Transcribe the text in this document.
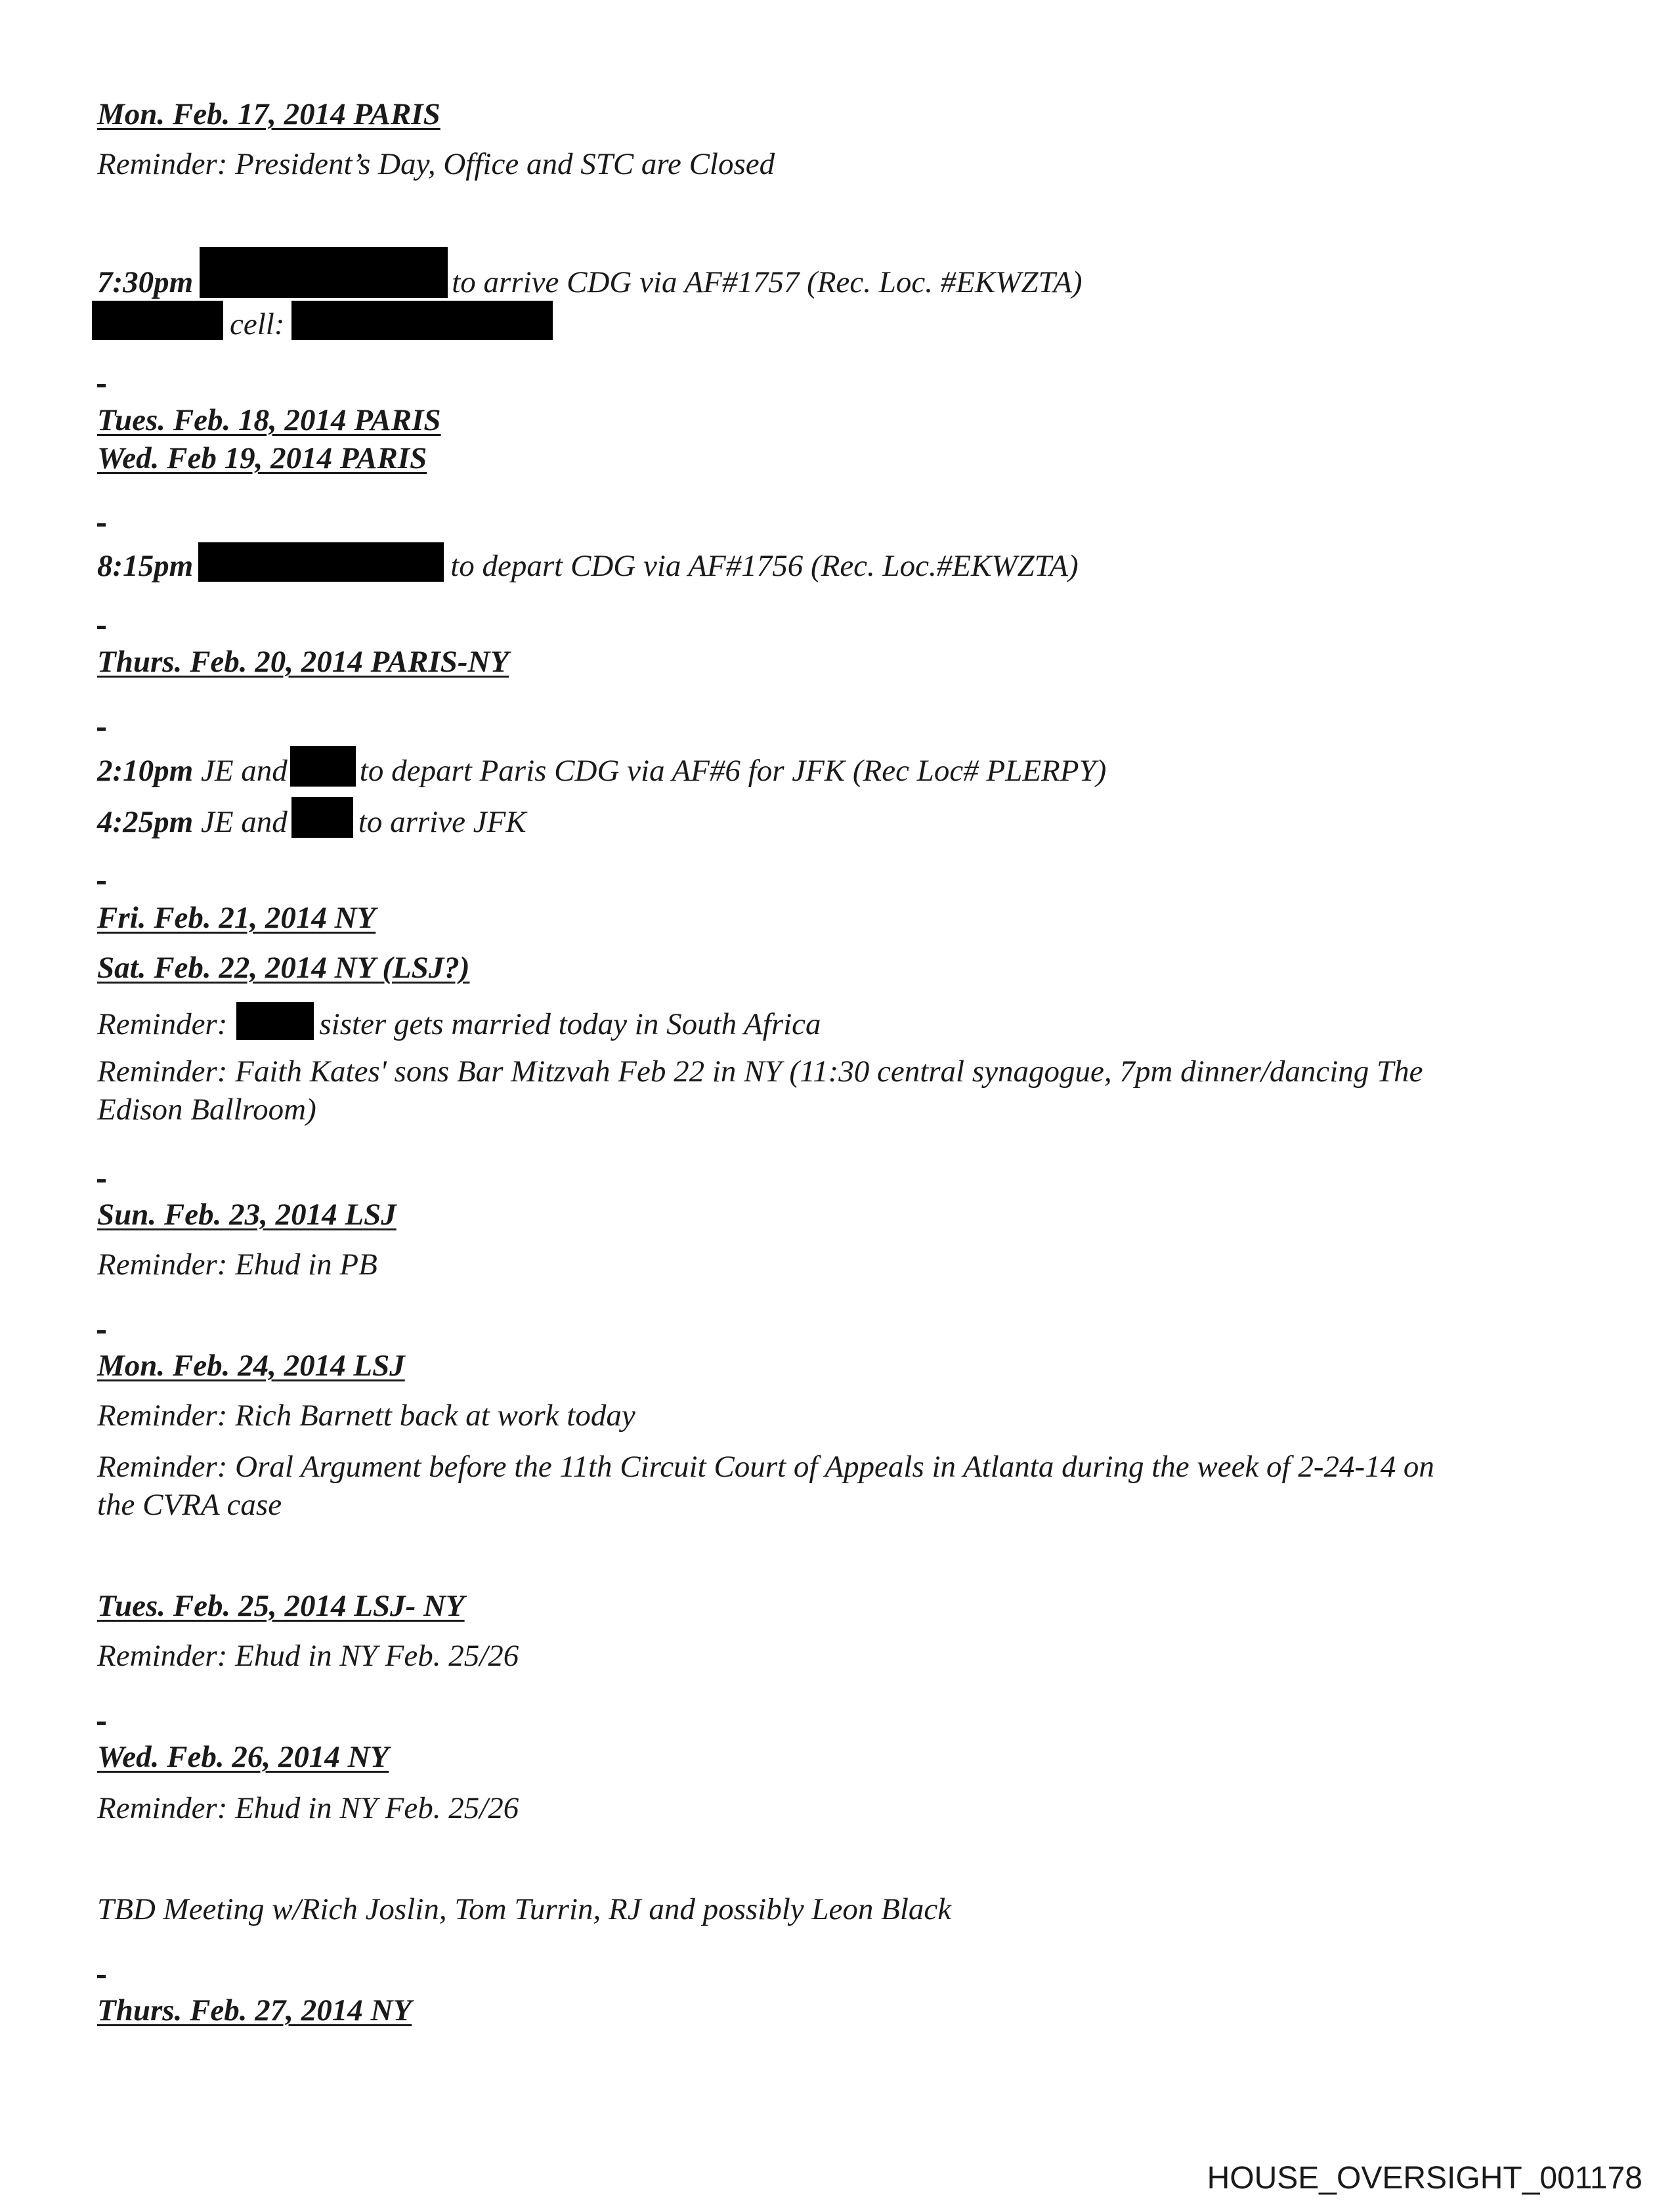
Mon. Feb. 17, 2014 PARIS

Reminder: President’s Day, Office and STC are Closed

7:30pm	to arrive CDG via AF#1757 (Rec. Loc. #EKWZTA)

cell:

Tues. Feb. 18, 2014 PARIS

Wed. Feb 19, 2014 PARIS

8:15pm	to depart CDG via AF#1756 (Rec. Loc.#EKWZTA)

Thurs. Feb. 20, 2014 PARIS-NY

2:10pm JE and to depart Paris CDG via AF#6 for JFK (Rec Loc# PLERPY)

4:25pm JE and to arrive JFK

Fri. Feb. 21, 2014 NY

Sat. Feb. 22, 2014 NY (LSJ?)

Reminder:	sister gets married today in South Africa

Reminder: Faith Kates' sons Bar Mitzvah Feb 22 in NY (11:30 central synagogue, 7pm dinner/dancing The

Edison Ballroom)

Sun. Feb. 23, 2014 LSJ

Reminder: Ehud in PB

Mon. Feb. 24, 2014 LSJ

Reminder: Rich Barnett back at work today

Reminder: Oral Argument before the 11th Circuit Court of Appeals in Atlanta during the week of 2-24-14 on

the CVRA case

Tues. Feb. 25, 2014 LSJ- NY

Reminder: Ehud in NY Feb. 25/26

Wed. Feb. 26, 2014 NY

Reminder: Ehud in NY Feb. 25/26

TBD Meeting w/Rich Joslin, Tom Turrin, RJ and possibly Leon Black

Thurs. Feb. 27, 2014 NY

HOUSE_OVERSIGHT_001178
